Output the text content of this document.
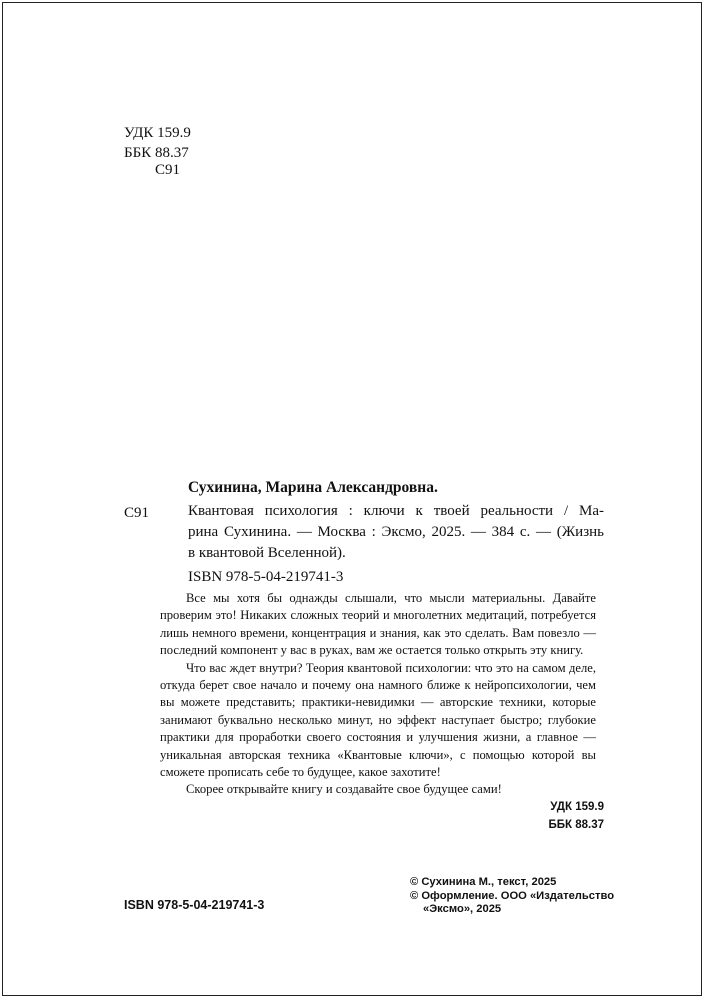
УДК 159.9
ББК 88.37
С91
Сухинина, Марина Александровна.
С91	Квантовая психология : ключи к твоей реальности / Ма-
рина Сухинина. — Москва : Эксмо, 2025. — 384 с. — (Жизнь
в квантовой Вселенной).
ISBN 978-5-04-219741-3

Все мы хотя бы однажды слышали, что мысли материальны. Давайте проверим это! Никаких сложных теорий и многолетних медитаций, потребуется лишь немного времени, концентрация и знания, как это сделать. Вам повезло — последний компонент у вас в руках, вам же остается только открыть эту книгу.

Что вас ждет внутри? Теория квантовой психологии: что это на самом деле, откуда берет свое начало и почему она намного ближе к нейропсихологии, чем вы можете представить; практики-невидимки — авторские техники, которые занимают буквально несколько минут, но эффект наступает быстро; глубокие практики для проработки своего состояния и улучшения жизни, а главное — уникальная авторская техника «Квантовые ключи», с помощью которой вы сможете прописать себе то будущее, какое захотите!

Скорее открывайте книгу и создавайте свое будущее сами!

УДК 159.9
ББК 88.37
ISBN 978-5-04-219741-3
© Сухинина М., текст, 2025
© Оформление. ООО «Издательство
«Эксмо», 2025
